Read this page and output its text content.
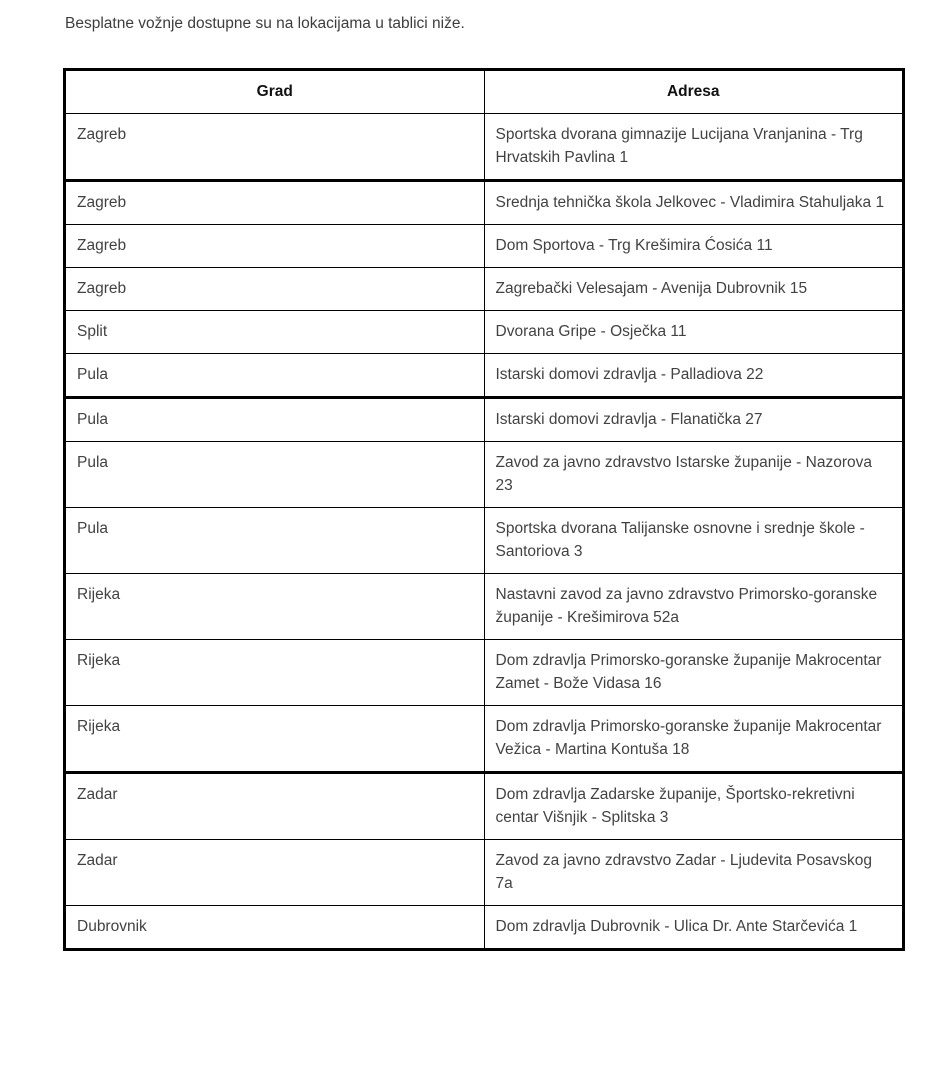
Besplatne vožnje dostupne su na lokacijama u tablici niže.

Grad	Adresa
Zagreb	Sportska dvorana gimnazije Lucijana Vranjanina - Trg Hrvatskih Pavlina 1
Zagreb	Srednja tehnička škola Jelkovec - Vladimira Stahuljaka 1
Zagreb	Dom Sportova - Trg Krešimira Ćosića 11
Zagreb	Zagrebački Velesajam - Avenija Dubrovnik 15
Split	Dvorana Gripe - Osječka 11
Pula	Istarski domovi zdravlja - Palladiova 22
Pula	Istarski domovi zdravlja - Flanatička 27
Pula	Zavod za javno zdravstvo Istarske županije - Nazorova 23
Pula	Sportska dvorana Talijanske osnovne i srednje škole - Santoriova 3
Rijeka	Nastavni zavod za javno zdravstvo Primorsko-goranske županije - Krešimirova 52a
Rijeka	Dom zdravlja Primorsko-goranske županije Makrocentar Zamet - Bože Vidasa 16
Rijeka	Dom zdravlja Primorsko-goranske županije Makrocentar Vežica - Martina Kontuša 18
Zadar	Dom zdravlja Zadarske županije, Športsko-rekretivni centar Višnjik - Splitska 3
Zadar	Zavod za javno zdravstvo Zadar - Ljudevita Posavskog 7a
Dubrovnik	Dom zdravlja Dubrovnik - Ulica Dr. Ante Starčevića 1
